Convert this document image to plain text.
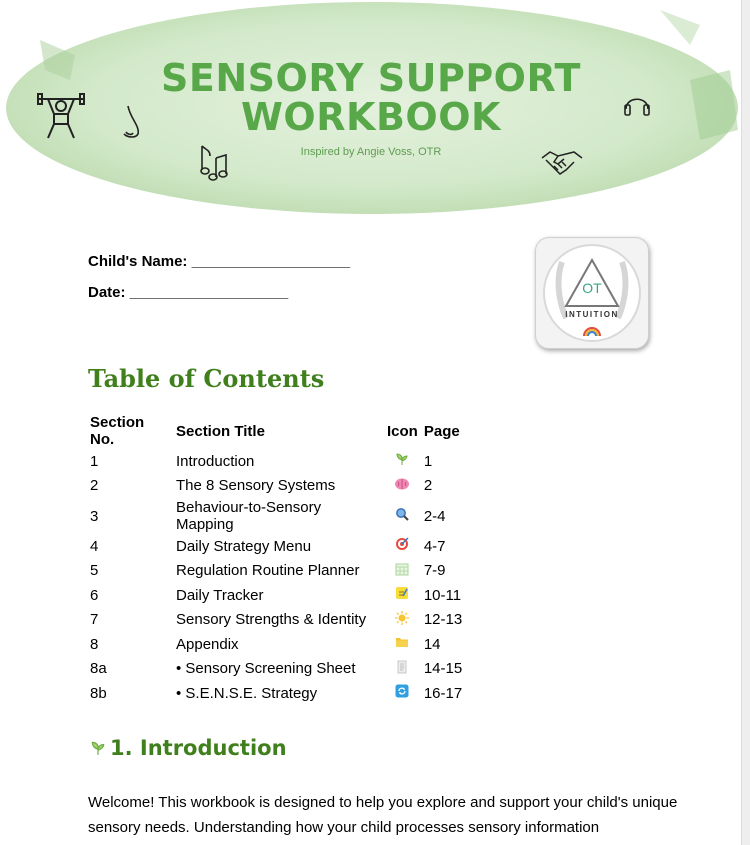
SENSORY SUPPORT
WORKBOOK
Inspired by Angie Voss, OTR
Child's Name: ___________________
Date: ___________________	OT
INTUITION
Table of Contents
Section No.	Section Title	Icon	Page
1	Introduction		1
2	The 8 Sensory Systems		2
3	Behaviour-to-Sensory Mapping		2-4
4	Daily Strategy Menu		4-7
5	Regulation Routine Planner		7-9
6	Daily Tracker		10-11
7	Sensory Strengths & Identity		12-13
8	Appendix		14
8a	• Sensory Screening Sheet		14-15
8b	• S.E.N.S.E. Strategy		16-17
1. Introduction
Welcome! This workbook is designed to help you explore and support your child's unique sensory needs. Understanding how your child processes sensory information
